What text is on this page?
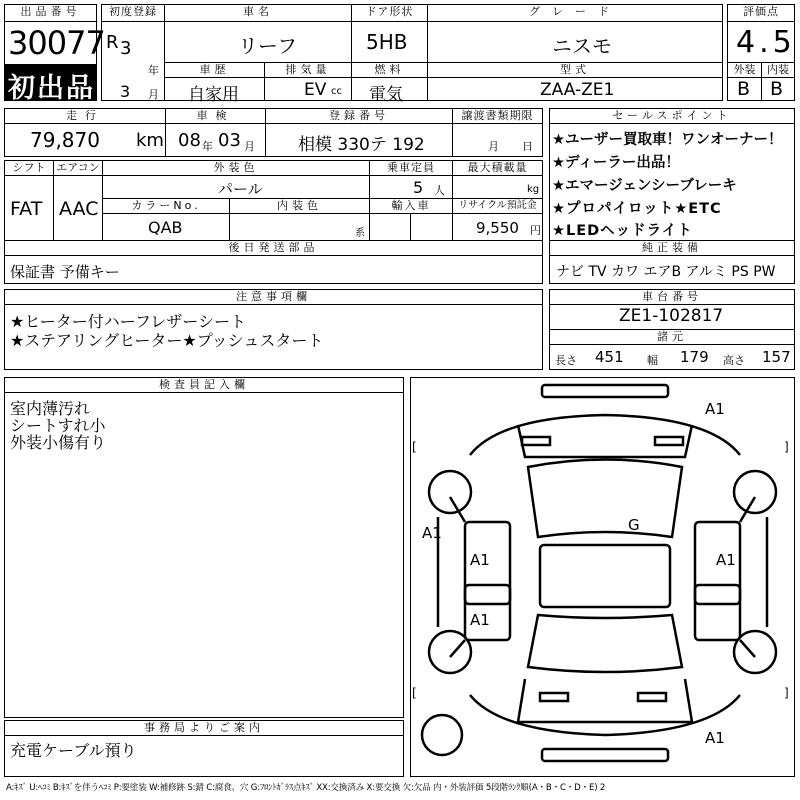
出品番号
30077
初出品
初度登録
R 3
年
3 月
車名
リーフ
ドア形状
5HB
グレード
ニスモ
評価点
4.5
車歴
自家用
排気量
EV cc
燃料
電気
型式
ZAA-ZE1
外装	内装
B B
走行
79,870 km
車検
08 年 03 月
登録番号
相模 330テ 192
譲渡書類期限
月 日
シフト
FAT
エアコン
AAC
外装色
パール
乗車定員
5 人
最大積載量
kg
カラーNo.
QAB
内装色
系
輸入車	リサイクル預託金
9,550 円
後日発送部品
保証書 予備キー
セールスポイント
★ユーザー買取車！ワンオーナー！
★ディーラー出品！
★エマージェンシーブレーキ
★プロパイロット★ETC
★LEDヘッドライト
純正装備
ナビ TV カワ エアB アルミ PS PW
注意事項欄
★ヒーター付ハーフレザーシート
★ステアリングヒーター★プッシュスタート
車台番号
ZE1-102817
諸元
長さ 451 幅 179 高さ 157
検査員記入欄
室内薄汚れ
シートすれ小
外装小傷有り
事務局よりご案内
充電ケーブル預り
[	]
[	]
A1
A1
A1
A1
A1
G
A1
A:ｷｽﾞ U:ﾍｺﾐ B:ｷｽﾞを伴うﾍｺﾐ P:要塗装 W:補修跡 S:錆 C:腐食、穴 G:ﾌﾛﾝﾄｶﾞﾗｽ点ｷｽﾞ XX:交換済み X:要交換 欠:欠品 内・外装評価 5段階ﾗﾝｸ順(A・B・C・D・E) 2
